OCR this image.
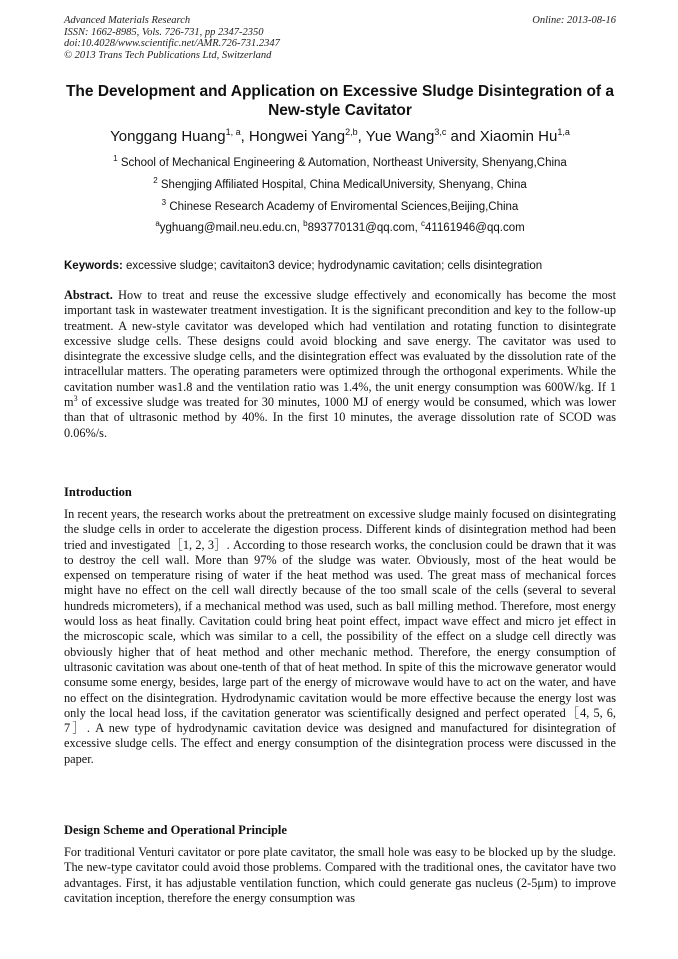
Advanced Materials Research
ISSN: 1662-8985, Vols. 726-731, pp 2347-2350
doi:10.4028/www.scientific.net/AMR.726-731.2347
© 2013 Trans Tech Publications Ltd, Switzerland
Online: 2013-08-16
The Development and Application on Excessive Sludge Disintegration of a New-style Cavitator
Yonggang Huang$^{1, a}$, Hongwei Yang$^{2,b}$, Yue Wang$^{3,c}$ and Xiaomin Hu$^{1,a}$
$^1$ School of Mechanical Engineering & Automation, Northeast University, Shenyang,China
$^2$ Shengjing Affiliated Hospital, China MedicalUniversity, Shenyang, China
$^3$ Chinese Research Academy of Enviromental Sciences,Beijing,China
$^a$yghuang@mail.neu.edu.cn, $^b$893770131@qq.com, $^c$41161946@qq.com
Keywords: excessive sludge; cavitaiton3 device; hydrodynamic cavitation; cells disintegration
Abstract. How to treat and reuse the excessive sludge effectively and economically has become the most important task in wastewater treatment investigation. It is the significant precondition and key to the follow-up treatment. A new-style cavitator was developed which had ventilation and rotating function to disintegrate excessive sludge cells. These designs could avoid blocking and save energy. The cavitator was used to disintegrate the excessive sludge cells, and the disintegration effect was evaluated by the dissolution rate of the intracellular matters. The operating parameters were optimized through the orthogonal experiments. While the cavitation number was1.8 and the ventilation ratio was 1.4%, the unit energy consumption was 600W/kg. If 1 $m^3$ of excessive sludge was treated for 30 minutes, 1000 MJ of energy would be consumed, which was lower than that of ultrasonic method by 40%. In the first 10 minutes, the average dissolution rate of SCOD was 0.06%/s.
Introduction
In recent years, the research works about the pretreatment on excessive sludge mainly focused on disintegrating the sludge cells in order to accelerate the digestion process. Different kinds of disintegration method had been tried and investigated［1, 2, 3］. According to those research works, the conclusion could be drawn that it was to destroy the cell wall. More than 97% of the sludge was water. Obviously, most of the heat would be expensed on temperature rising of water if the heat method was used. The great mass of mechanical forces might have no effect on the cell wall directly because of the too small scale of the cells (several to several hundreds micrometers), if a mechanical method was used, such as ball milling method. Therefore, most energy would loss as heat finally. Cavitation could bring heat point effect, impact wave effect and micro jet effect in the microscopic scale, which was similar to a cell, the possibility of the effect on a sludge cell directly was obviously higher that of heat method and other mechanic method. Therefore, the energy consumption of ultrasonic cavitation was about one-tenth of that of heat method. In spite of this the microwave generator would consume some energy, besides, large part of the energy of microwave would have to act on the water, and have no effect on the disintegration. Hydrodynamic cavitation would be more effective because the energy lost was only the local head loss, if the cavitation generator was scientifically designed and perfect operated［4, 5, 6, 7］. A new type of hydrodynamic cavitation device was designed and manufactured for disintegration of excessive sludge cells. The effect and energy consumption of the disintegration process were discussed in the paper.
Design Scheme and Operational Principle
For traditional Venturi cavitator or pore plate cavitator, the small hole was easy to be blocked up by the sludge. The new-type cavitator could avoid those problems. Compared with the traditional ones, the cavitator have two advantages. First, it has adjustable ventilation function, which could generate gas nucleus (2-5μm) to improve cavitation inception, therefore the energy consumption was
